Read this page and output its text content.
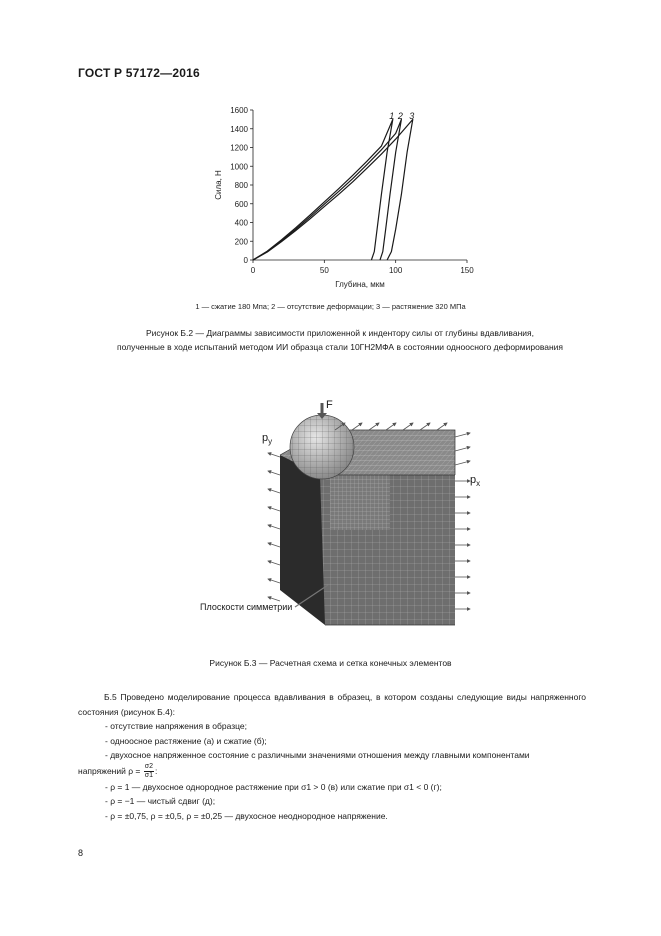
ГОСТ Р 57172—2016
0
200
400
600
800
1000
1200
1400
1600
0	50	100	150
Глубина, мкм
Сила, Н
1 2 3
1 — сжатие 180 Мпа; 2 — отсутствие деформации; 3 — растяжение 320 МПа
Рисунок Б.2 — Диаграммы зависимости приложенной к индентору силы от глубины вдавливания,
полученные в ходе испытаний методом ИИ образца стали 10ГН2МФА в состоянии одноосного деформирования
F
$p_y$
$p_x$
Плоскости симметрии
Рисунок Б.3 — Расчетная схема и сетка конечных элементов

Б.5 Проведено моделирование процесса вдавливания в образец, в котором созданы следующие виды напряженного состояния (рисунок Б.4):

- отсутствие напряжения в образце;

- одноосное растяжение (а) и сжатие (б);

- двухосное напряженное состояние с различными значениями отношения между главными компонентами

напряжений $\rho = \frac{\sigma 2}{\sigma 1}$ :

- ρ = 1 — двухосное однородное растяжение при σ1 > 0 (в) или сжатие при σ1 < 0 (г);

- ρ = −1 — чистый сдвиг (д);

- ρ = ±0,75, ρ = ±0,5, ρ = ±0,25 — двухосное неоднородное напряжение.

8
